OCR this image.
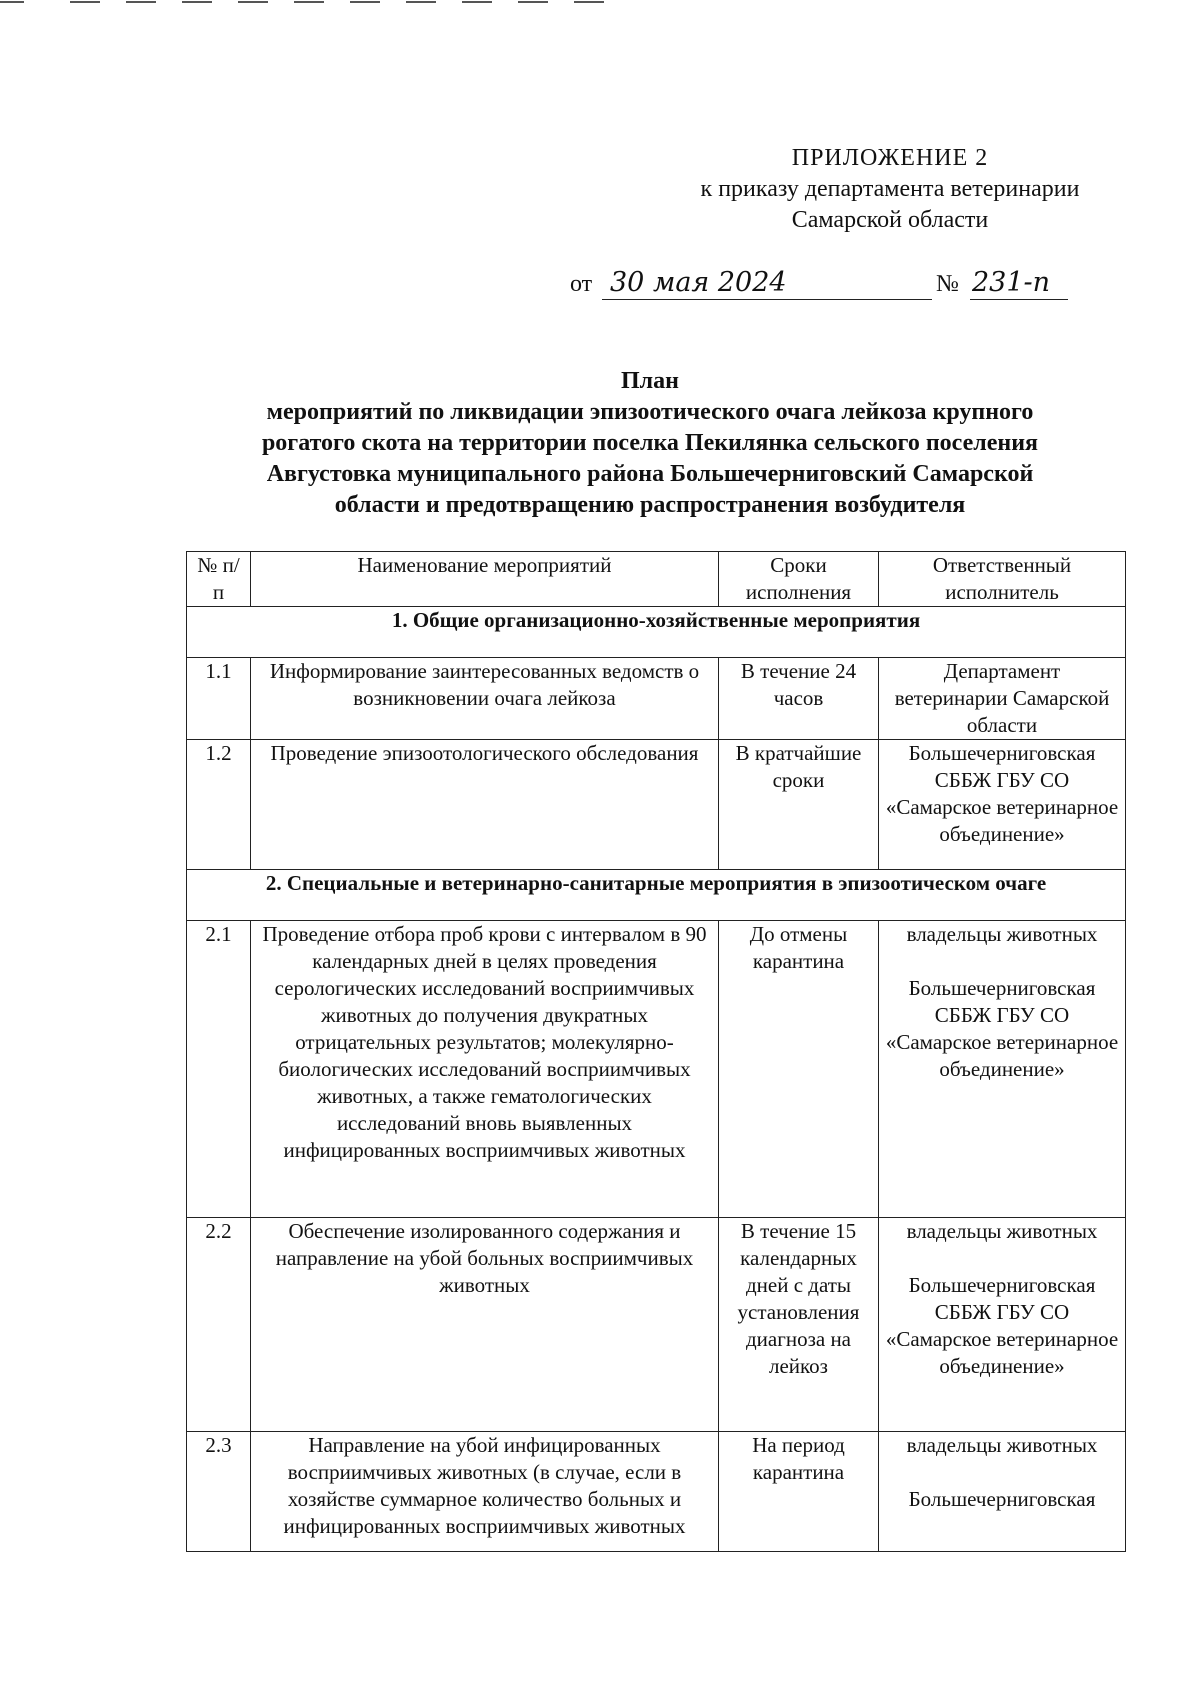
ПРИЛОЖЕНИЕ 2
к приказу департамента ветеринарии
Самарской области
от 30 мая 2024	№ 231-п
План
мероприятий по ликвидации эпизоотического очага лейкоза крупного
рогатого скота на территории поселка Пекилянка сельского поселения
Августовка муниципального района Большечерниговский Самарской
области и предотвращению распространения возбудителя
№ п/п	Наименование мероприятий	Сроки исполнения	Ответственный исполнитель
1. Общие организационно-хозяйственные мероприятия			
1.1	Информирование заинтересованных ведомств о возникновении очага лейкоза	В течение 24 часов	Департамент ветеринарии Самарской области
1.2	Проведение эпизоотологического обследования	В кратчайшие сроки	Большечерниговская СББЖ ГБУ СО «Самарское ветеринарное объединение»
2. Специальные и ветеринарно-санитарные мероприятия в эпизоотическом очаге			
2.1	Проведение отбора проб крови с интервалом в 90 календарных дней в целях проведения серологических исследований восприимчивых животных до получения двукратных отрицательных результатов; молекулярно-биологических исследований восприимчивых животных, а также гематологических исследований вновь выявленных инфицированных восприимчивых животных	До отмены карантина	владельцы животных
Большечерниговская СББЖ ГБУ СО «Самарское ветеринарное объединение»

2.2	Обеспечение изолированного содержания и направление на убой больных восприимчивых животных	В течение 15 календарных дней с даты установления диагноза на лейкоз	владельцы животных
Большечерниговская СББЖ ГБУ СО «Самарское ветеринарное объединение»

2.3	Направление на убой инфицированных восприимчивых животных (в случае, если в хозяйстве суммарное количество больных и инфицированных восприимчивых животных	На период карантина	владельцы животных
Большечерниговская
